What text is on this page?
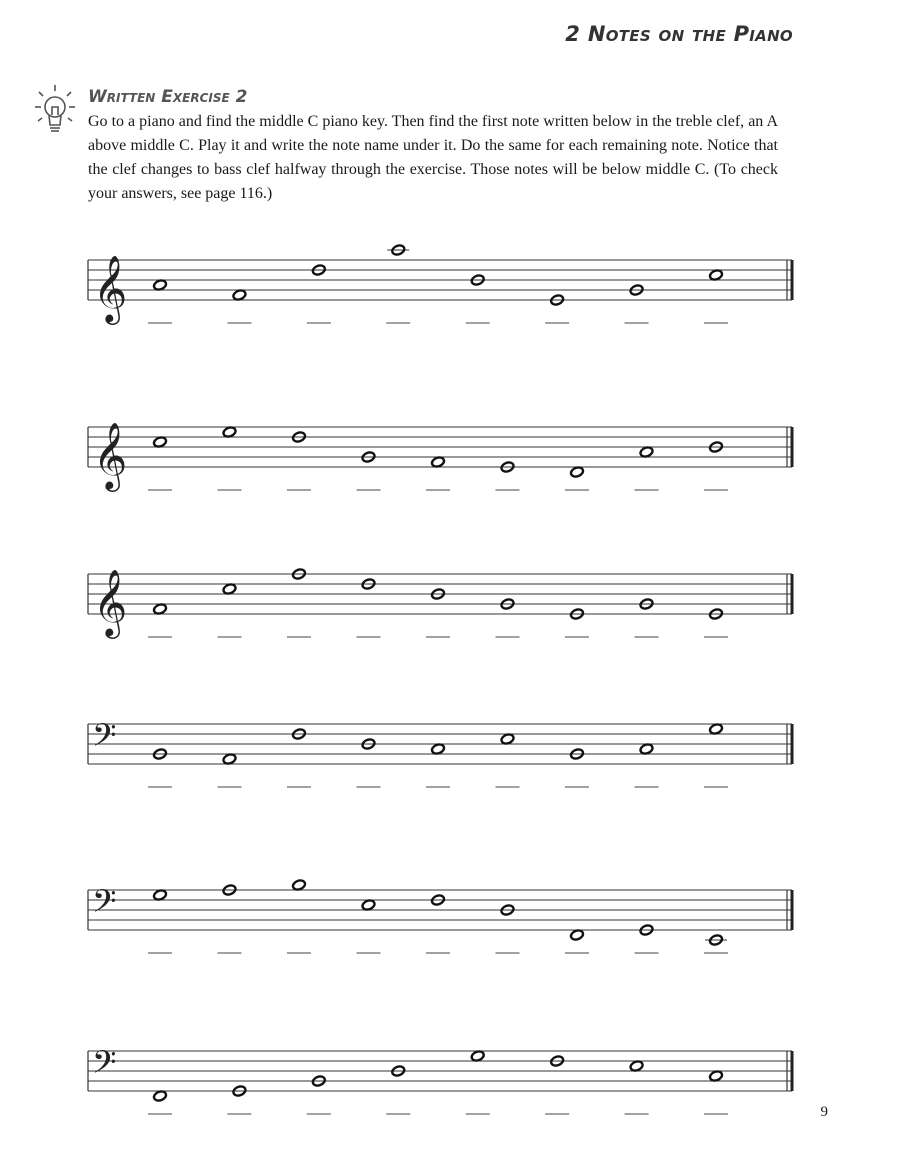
2 Notes on the Piano
Written Exercise 2

Go to a piano and find the middle C piano key. Then find the first note written below in the treble clef, an A above middle C. Play it and write the note name under it. Do the same for each remaining note. Notice that the clef changes to bass clef halfway through the exercise. Those notes will be below middle C. (To check your answers, see page 116.)

𝄞
𝄞
𝄞
𝄢
𝄢
𝄢
9
